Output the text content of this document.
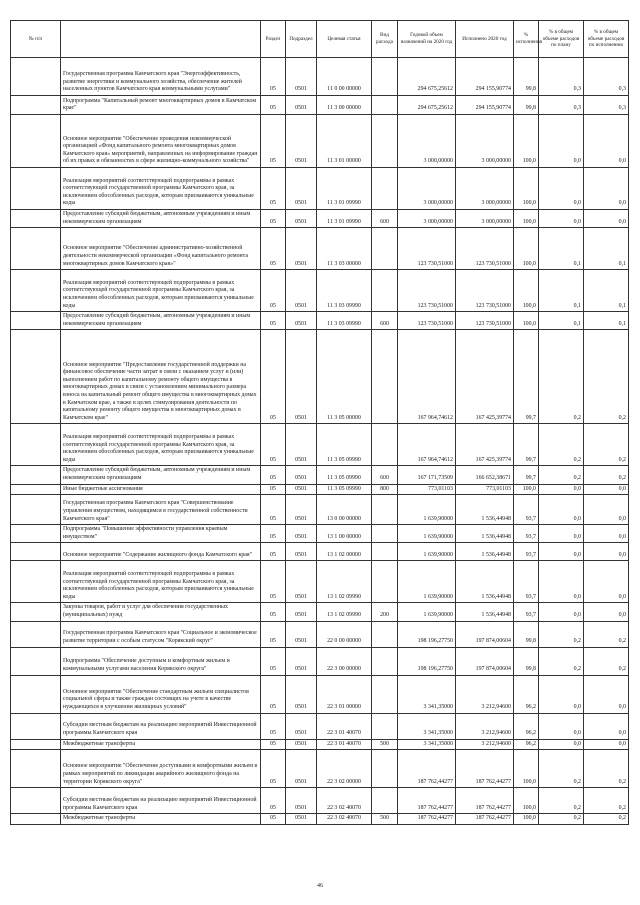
№ п/п		Раздел	Подраздел	Целевая статья	Вид расхода	Годовой объем назначений на 2020 год	Исполнено 2020 год	% исполнения	% в общем объеме расходов по плану	% в общем объеме расходов по исполнению
	Государственная программа Камчатского края "Энергоэффективность, развитие энергетики и коммунального хозяйства, обеспечение жителей населенных пунктов Камчатского края коммунальными услугами"	05	0501	11 0 00 00000		294 675,25612	294 155,90774	99,8	0,3	0,3
	Подпрограмма "Капитальный ремонт многоквартирных домов в Камчатском крае"	05	0501	11 3 00 00000		294 675,25612	294 155,90774	99,8	0,3	0,3
	Основное мероприятие "Обеспечение проведения некоммерческой организацией «Фонд капитального ремонта многоквартирных домов Камчатского края» мероприятий, направленных на информирование граждан об их правах и обязанностях в сфере жилищно-коммунального хозяйства"	05	0501	11 3 01 00000		3 000,00000	3 000,00000	100,0	0,0	0,0
	Реализация мероприятий соответствующей подпрограммы в рамках соответствующей государственной программы Камчатского края, за исключением обособленных расходов, которым присваиваются уникальные коды	05	0501	11 3 01 09990		3 000,00000	3 000,00000	100,0	0,0	0,0
	Предоставление субсидий бюджетным, автономным учреждениям и иным некоммерческим организациям	05	0501	11 3 01 09990	600	3 000,00000	3 000,00000	100,0	0,0	0,0
	Основное мероприятие "Обеспечение административно-хозяйственной деятельности некоммерческой организации «Фонд капитального ремонта многоквартирных домов Камчатского края»"	05	0501	11 3 03 00000		123 730,51000	123 730,51000	100,0	0,1	0,1
	Реализация мероприятий соответствующей подпрограммы в рамках соответствующей государственной программы Камчатского края, за исключением обособленных расходов, которым присваиваются уникальные коды	05	0501	11 3 03 09990		123 730,51000	123 730,51000	100,0	0,1	0,1
	Предоставление субсидий бюджетным, автономным учреждениям и иным некоммерческим организациям	05	0501	11 3 03 09990	600	123 730,51000	123 730,51000	100,0	0,1	0,1
	Основное мероприятие "Предоставление государственной поддержки на финансовое обеспечение части затрат в связи с оказанием услуг и (или) выполнением работ по капитальному ремонту общего имущества в многоквартирных домах в связи с установлением минимального размера взноса на капитальный ремонт общего имущества в многоквартирных домах в Камчатском крае, а также в целях стимулирования деятельности по капитальному ремонту общего имущества в многоквартирных домах в Камчатском крае"	05	0501	11 3 05 00000		167 964,74612	167 425,39774	99,7	0,2	0,2
	Реализация мероприятий соответствующей подпрограммы в рамках соответствующей государственной программы Камчатского края, за исключением обособленных расходов, которым присваиваются уникальные коды	05	0501	11 3 05 09990		167 964,74612	167 425,39774	99,7	0,2	0,2
	Предоставление субсидий бюджетным, автономным учреждениям и иным некоммерческим организациям	05	0501	11 3 05 09990	600	167 171,73509	166 652,38671	99,7	0,2	0,2
	Иные бюджетные ассигнования	05	0501	11 3 05 09990	800	773,01103	773,01103	100,0	0,0	0,0
	Государственная программа Камчатского края "Совершенствование управления имуществом, находящимся в государственной собственности Камчатского края"	05	0501	13 0 00 00000		1 639,90000	1 536,44948	93,7	0,0	0,0
	Подпрограмма "Повышение эффективности управления краевым имуществом"	05	0501	13 1 00 00000		1 639,90000	1 536,44948	93,7	0,0	0,0
	Основное мероприятие "Содержание жилищного фонда Камчатского края"	05	0501	13 1 02 00000		1 639,90000	1 536,44948	93,7	0,0	0,0
	Реализация мероприятий соответствующей подпрограммы в рамках соответствующей государственной программы Камчатского края, за исключением обособленных расходов, которым присваиваются уникальные коды	05	0501	13 1 02 09990		1 639,90000	1 536,44948	93,7	0,0	0,0
	Закупка товаров, работ и услуг для обеспечения государственных (муниципальных) нужд	05	0501	13 1 02 09990	200	1 639,90000	1 536,44948	93,7	0,0	0,0
	Государственная программа Камчатского края "Социальное и экономическое развитие территории с особым статусом "Корякский округ"	05	0501	22 0 00 00000		198 196,27750	197 874,00604	99,8	0,2	0,2
	Подпрограмма "Обеспечение доступным и комфортным жильем и коммунальными услугами населения Корякского округа"	05	0501	22 3 00 00000		198 196,27750	197 874,00604	99,8	0,2	0,2
	Основное мероприятие "Обеспечение стандартным жильем специалистов социальной сферы и также граждан состоящих на учете в качестве нуждающихся в улучшении жилищных условий"	05	0501	22 3 01 00000		3 341,35000	3 212,94600	96,2	0,0	0,0
	Субсидии местным бюджетам на реализацию мероприятий Инвестиционной программы Камчатского края	05	0501	22 3 01 40070		3 341,35000	3 212,94600	96,2	0,0	0,0
	Межбюджетные трансферты	05	0501	22 3 01 40070	500	3 341,35000	3 212,94600	96,2	0,0	0,0
	Основное мероприятие "Обеспечение доступными и комфортными жильем в рамках мероприятий по ликвидации аварийного жилищного фонда на территории Корякского округа"	05	0501	22 3 02 00000		187 762,44277	187 762,44277	100,0	0,2	0,2
	Субсидии местным бюджетам на реализацию мероприятий Инвестиционной программы Камчатского края	05	0501	22 3 02 40070		187 762,44277	187 762,44277	100,0	0,2	0,2
	Межбюджетные трансферты	05	0501	22 3 02 40070	500	187 762,44277	187 762,44277	100,0	0,2	0,2
46
